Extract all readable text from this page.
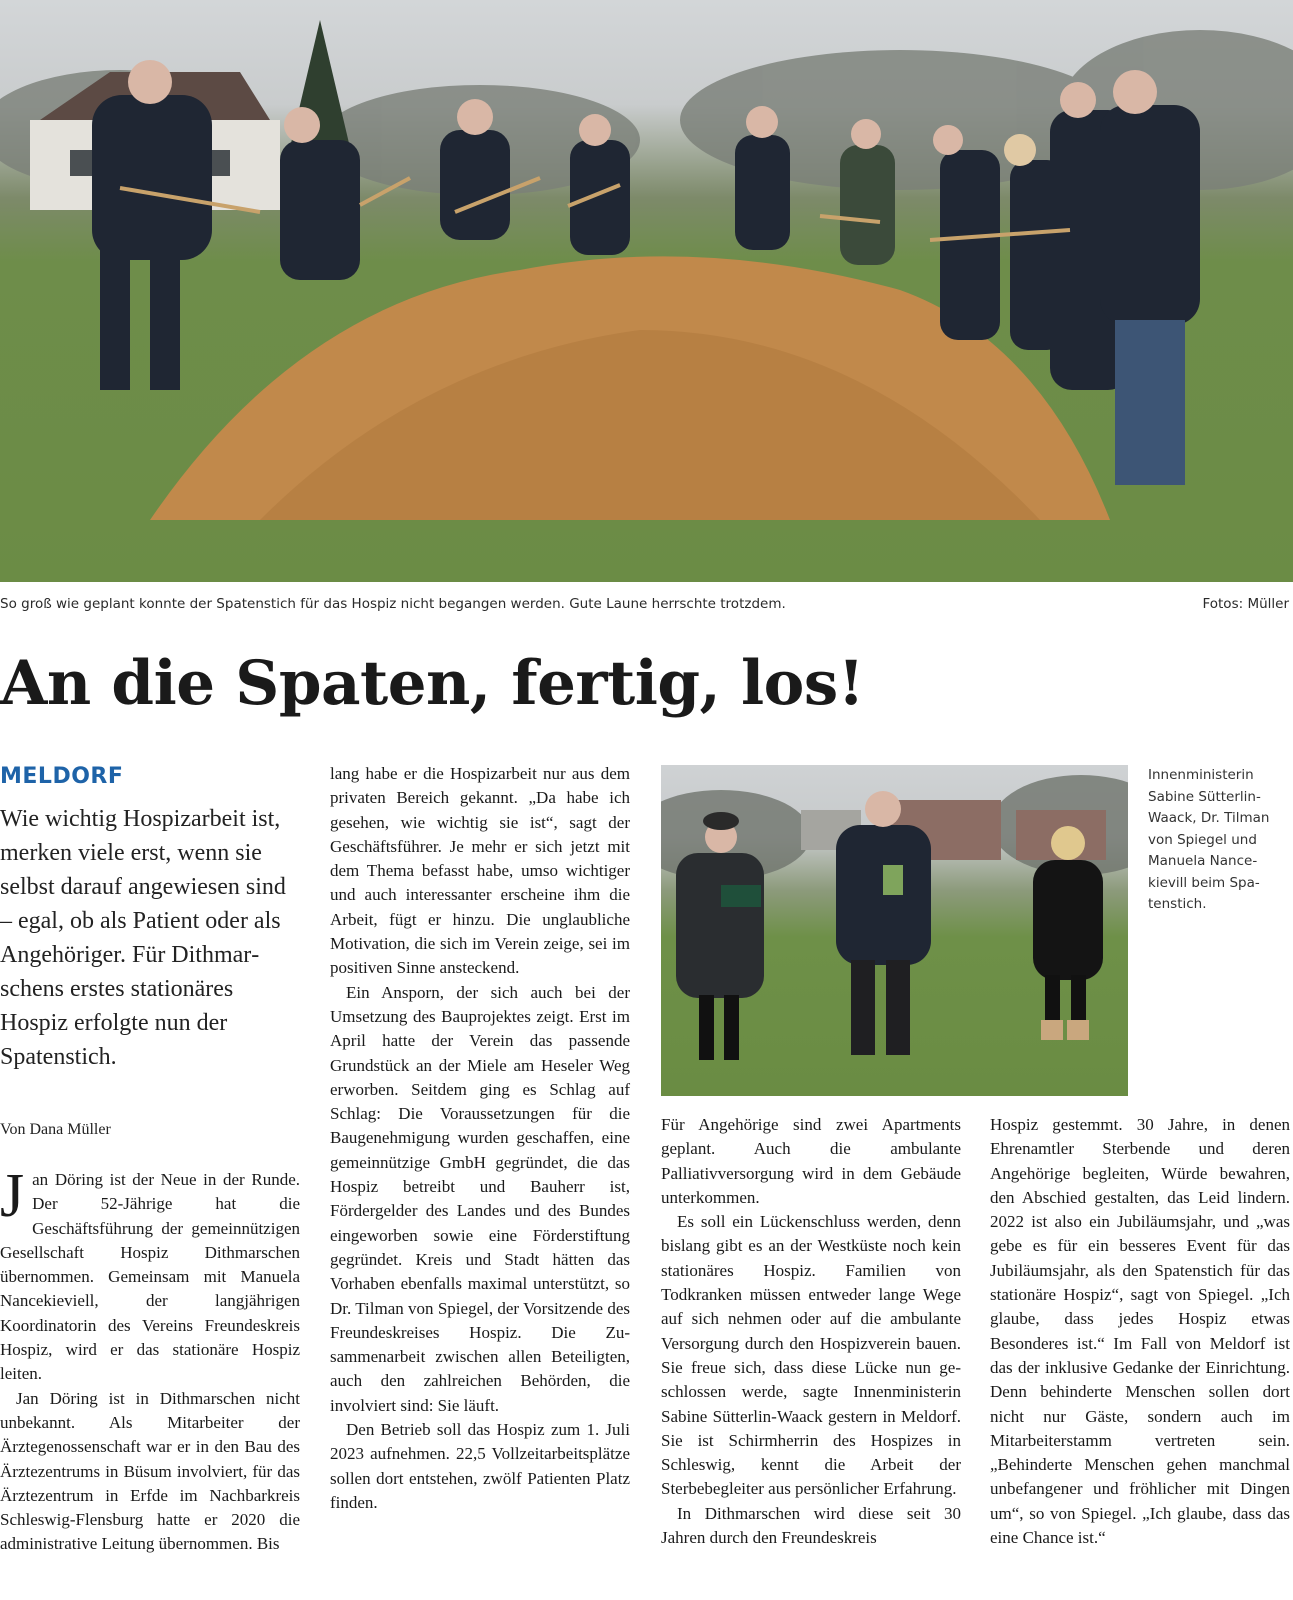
So groß wie geplant konnte der Spatenstich für das Hospiz nicht begangen werden. Gute Laune herrschte trotzdem.	Fotos: Müller
An die Spaten, fertig, los!
MELDORF
Wie wichtig Hospizarbeit ist, merken viele erst, wenn sie selbst darauf angewiesen sind – egal, ob als Patient oder als Angehöriger. Für Dithmarschens erstes stationäres Hospiz erfolgte nun der Spatenstich.
Von Dana Müller

Jan Döring ist der Neue in der Runde. Der 52-Jährige hat die Geschäftsführung der gemeinnützigen Gesellschaft Hospiz Dithmarschen übernommen. Gemeinsam mit Manuela Nancekieviell, der langjährigen Koordinatorin des Vereins Freundeskreis Hospiz, wird er das stationäre Hospiz leiten.

Jan Döring ist in Dithmarschen nicht unbekannt. Als Mitarbeiter der Ärztegenossenschaft war er in den Bau des Ärztezentrums in Büsum involviert, für das Ärztezentrum in Erfde im Nachbarkreis Schleswig-Flensburg hatte er 2020 die administrative Leitung übernommen. Bis

lang habe er die Hospizarbeit nur aus dem privaten Bereich gekannt. „Da habe ich gesehen, wie wichtig sie ist“, sagt der Geschäftsführer. Je mehr er sich jetzt mit dem Thema befasst habe, umso wichtiger und auch interessanter erscheine ihm die Arbeit, fügt er hinzu. Die unglaubliche Motivation, die sich im Verein zeige, sei im positiven Sinne ansteckend.

Ein Ansporn, der sich auch bei der Umsetzung des Bauprojektes zeigt. Erst im April hatte der Verein das passende Grundstück an der Miele am Heseler Weg erworben. Seitdem ging es Schlag auf Schlag: Die Voraussetzungen für die Baugenehmigung wurden geschaffen, eine gemeinnützige GmbH gegründet, die das Hospiz betreibt und Bauherr ist, Fördergelder des Landes und des Bundes eingeworben sowie eine Förderstiftung gegründet. Kreis und Stadt hätten das Vorhaben ebenfalls maximal unterstützt, so Dr. Tilman von Spiegel, der Vorsitzende des Freundeskreises Hospiz. Die Zusammenarbeit zwischen allen Beteiligten, auch den zahlreichen Behörden, die involviert sind: Sie läuft.

Den Betrieb soll das Hospiz zum 1. Juli 2023 aufnehmen. 22,5 Vollzeitarbeitsplätze sollen dort entstehen, zwölf Patienten Platz finden.

Innenministerin Sabine Sütterlin-Waack, Dr. Tilman von Spiegel und Manuela Nancekievill beim Spatenstich.

Für Angehörige sind zwei Apartments geplant. Auch die ambulante Palliativversorgung wird in dem Gebäude unterkommen.

Es soll ein Lückenschluss werden, denn bislang gibt es an der Westküste noch kein stationäres Hospiz. Familien von Todkranken müssen entweder lange Wege auf sich nehmen oder auf die ambulante Versorgung durch den Hospizverein bauen. Sie freue sich, dass diese Lücke nun geschlossen werde, sagte Innenministerin Sabine Sütterlin-Waack gestern in Meldorf. Sie ist Schirmherrin des Hospizes in Schleswig, kennt die Arbeit der Sterbebegleiter aus persönlicher Erfahrung.

In Dithmarschen wird diese seit 30 Jahren durch den Freundeskreis

Hospiz gestemmt. 30 Jahre, in denen Ehrenamtler Sterbende und deren Angehörige begleiten, Würde bewahren, den Abschied gestalten, das Leid lindern. 2022 ist also ein Jubiläumsjahr, und „was gebe es für ein besseres Event für das Jubiläumsjahr, als den Spatenstich für das stationäre Hospiz“, sagt von Spiegel. „Ich glaube, dass jedes Hospiz etwas Besonderes ist.“ Im Fall von Meldorf ist das der inklusive Gedanke der Einrichtung. Denn behinderte Menschen sollen dort nicht nur Gäste, sondern auch im Mitarbeiterstamm vertreten sein. „Behinderte Menschen gehen manchmal unbefangener und fröhlicher mit Dingen um“, so von Spiegel. „Ich glaube, dass das eine Chance ist.“
